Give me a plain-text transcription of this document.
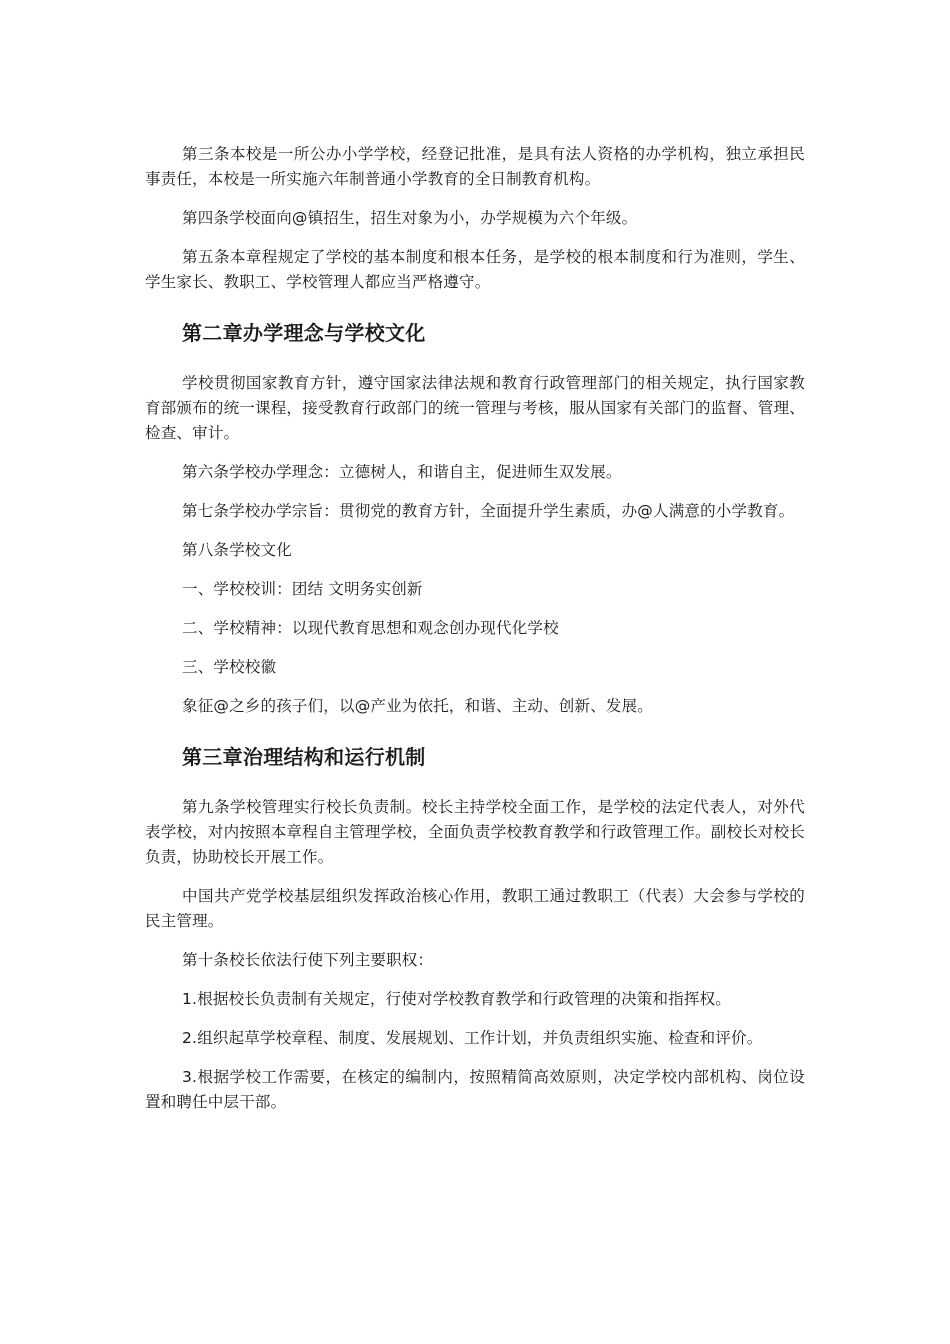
第三条本校是一所公办小学学校，经登记批准，是具有法人资格的办学机构，独立承担民事责任，本校是一所实施六年制普通小学教育的全日制教育机构。

第四条学校面向@镇招生，招生对象为小，办学规模为六个年级。

第五条本章程规定了学校的基本制度和根本任务，是学校的根本制度和行为准则，学生、学生家长、教职工、学校管理人都应当严格遵守。

第二章办学理念与学校文化

学校贯彻国家教育方针，遵守国家法律法规和教育行政管理部门的相关规定，执行国家教育部颁布的统一课程，接受教育行政部门的统一管理与考核，服从国家有关部门的监督、管理、检查、审计。

第六条学校办学理念：立德树人，和谐自主，促进师生双发展。

第七条学校办学宗旨：贯彻党的教育方针，全面提升学生素质，办@人满意的小学教育。

第八条学校文化

一、学校校训：团结 文明务实创新

二、学校精神：以现代教育思想和观念创办现代化学校

三、学校校徽

象征@之乡的孩子们，以@产业为依托，和谐、主动、创新、发展。

第三章治理结构和运行机制

第九条学校管理实行校长负责制。校长主持学校全面工作，是学校的法定代表人，对外代表学校，对内按照本章程自主管理学校，全面负责学校教育教学和行政管理工作。副校长对校长负责，协助校长开展工作。

中国共产党学校基层组织发挥政治核心作用，教职工通过教职工（代表）大会参与学校的民主管理。

第十条校长依法行使下列主要职权：

1.根据校长负责制有关规定，行使对学校教育教学和行政管理的决策和指挥权。

2.组织起草学校章程、制度、发展规划、工作计划，并负责组织实施、检查和评价。

3.根据学校工作需要，在核定的编制内，按照精简高效原则，决定学校内部机构、岗位设置和聘任中层干部。
